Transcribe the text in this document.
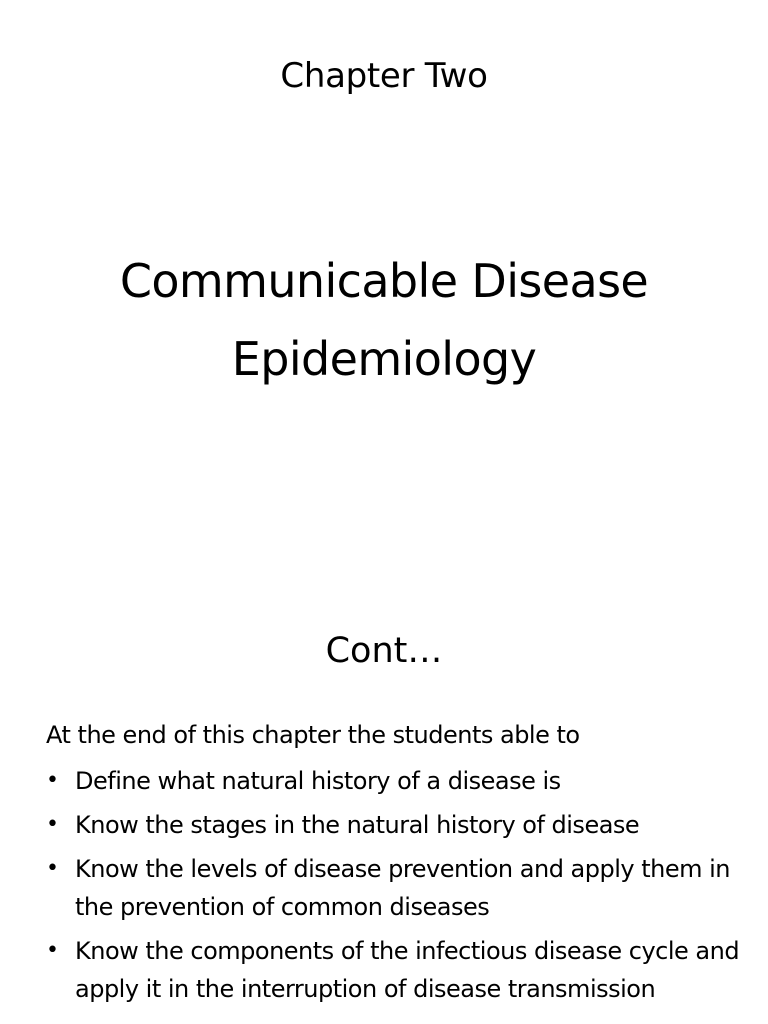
Chapter Two
Communicable Disease
Epidemiology
Cont…
At the end of this chapter the students able to
• Define what natural history of a disease is
• Know the stages in the natural history of disease
• Know the levels of disease prevention and apply them in the prevention of common diseases
• Know the components of the infectious disease cycle and apply it in the interruption of disease transmission
